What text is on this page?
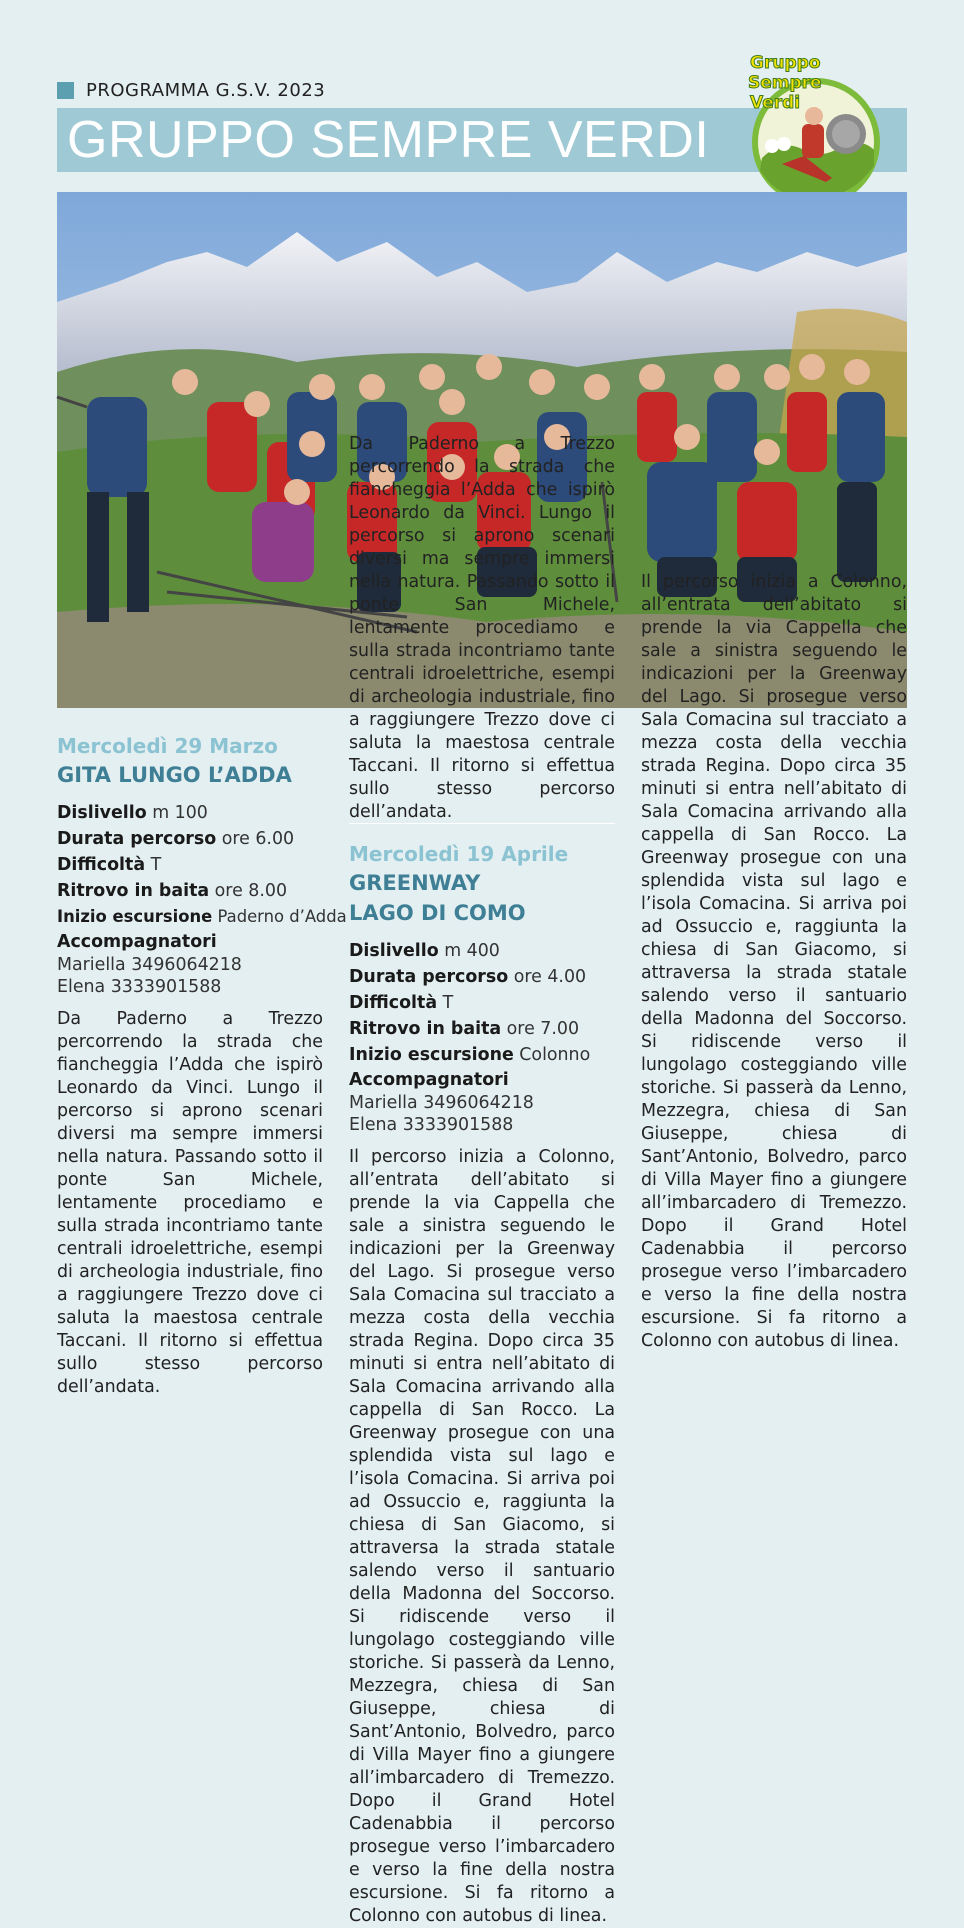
PROGRAMMA G.S.V. 2023
GRUPPO SEMPRE VERDI
Gruppo
Sempre
Verdi
Mercoledì 29 Marzo
GITA LUNGO L’ADDA
Dislivello m 100
Durata percorso ore 6.00
Difficoltà T
Ritrovo in baita ore 8.00
Inizio escursione Paderno d’Adda
Accompagnatori
Mariella 3496064218
Elena 3333901588
Da Paderno a Trezzo percorrendo la strada che fiancheggia l’Adda che ispirò Leonardo da Vinci. Lungo il percorso si aprono scenari diversi ma sempre immersi nella natura. Passando sotto il ponte San Michele, lentamente procediamo e sulla strada incontriamo tante centrali idroelettriche, esempi di archeologia industriale, fino a raggiungere Trezzo dove ci saluta la maestosa centrale Taccani. Il ritorno si effettua sullo stesso percorso dell’andata.
Da Paderno a Trezzo percorrendo la strada che fiancheggia l’Adda che ispirò Leonardo da Vinci. Lungo il percorso si aprono scenari diversi ma sempre immersi nella natura. Passando sotto il ponte San Michele, lentamente procediamo e sulla strada incontriamo tante centrali idroelettriche, esempi di archeologia industriale, fino a raggiungere Trezzo dove ci saluta la maestosa centrale Taccani. Il ritorno si effettua sullo stesso percorso dell’andata.
Mercoledì 19 Aprile
GREENWAY
LAGO DI COMO
Dislivello m 400
Durata percorso ore 4.00
Difficoltà T
Ritrovo in baita ore 7.00
Inizio escursione Colonno
Accompagnatori
Mariella 3496064218
Elena 3333901588
Il percorso inizia a Colonno, all’entrata dell’abitato si prende la via Cappella che sale a sinistra seguendo le indicazioni per la Greenway del Lago. Si prosegue verso Sala Comacina sul tracciato a mezza costa della vecchia strada Regina. Dopo circa 35 minuti si entra nell’abitato di Sala Comacina arrivando alla cappella di San Rocco. La Greenway prosegue con una splendida vista sul lago e l’isola Comacina. Si arriva poi ad Ossuccio e, raggiunta la chiesa di San Giacomo, si attraversa la strada statale salendo verso il santuario della Madonna del Soccorso. Si ridiscende verso il lungolago costeggiando ville storiche. Si passerà da Lenno, Mezzegra, chiesa di San Giuseppe, chiesa di Sant’Antonio, Bolvedro, parco di Villa Mayer fino a giungere all’imbarcadero di Tremezzo. Dopo il Grand Hotel Cadenabbia il percorso prosegue verso l’imbarcadero e verso la fine della nostra escursione. Si fa ritorno a Colonno con autobus di linea.
Il percorso inizia a Colonno, all’entrata dell’abitato si prende la via Cappella che sale a sinistra seguendo le indicazioni per la Greenway del Lago. Si prosegue verso Sala Comacina sul tracciato a mezza costa della vecchia strada Regina. Dopo circa 35 minuti si entra nell’abitato di Sala Comacina arrivando alla cappella di San Rocco. La Greenway prosegue con una splendida vista sul lago e l’isola Comacina. Si arriva poi ad Ossuccio e, raggiunta la chiesa di San Giacomo, si attraversa la strada statale salendo verso il santuario della Madonna del Soccorso. Si ridiscende verso il lungolago costeggiando ville storiche. Si passerà da Lenno, Mezzegra, chiesa di San Giuseppe, chiesa di Sant’Antonio, Bolvedro, parco di Villa Mayer fino a giungere all’imbarcadero di Tremezzo. Dopo il Grand Hotel Cadenabbia il percorso prosegue verso l’imbarcadero e verso la fine della nostra escursione. Si fa ritorno a Colonno con autobus di linea.
